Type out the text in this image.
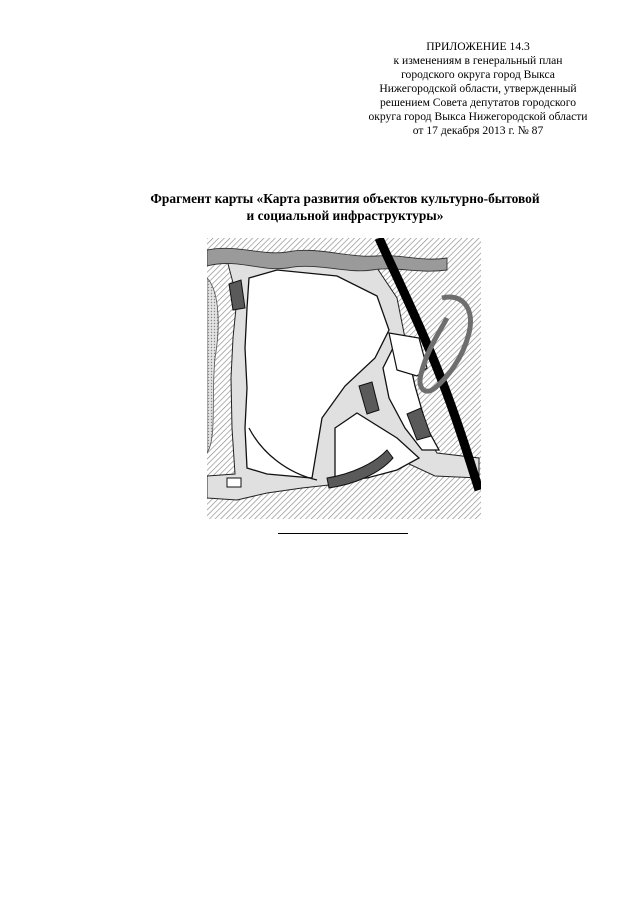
ПРИЛОЖЕНИЕ 14.3
к изменениям в генеральный план
городского округа город Выкса
Нижегородской области, утвержденный
решением Совета депутатов городского
округа город Выкса Нижегородской области
от 17 декабря 2013 г. № 87
Фрагмент карты «Карта развития объектов культурно-бытовой
и социальной инфраструктуры»
